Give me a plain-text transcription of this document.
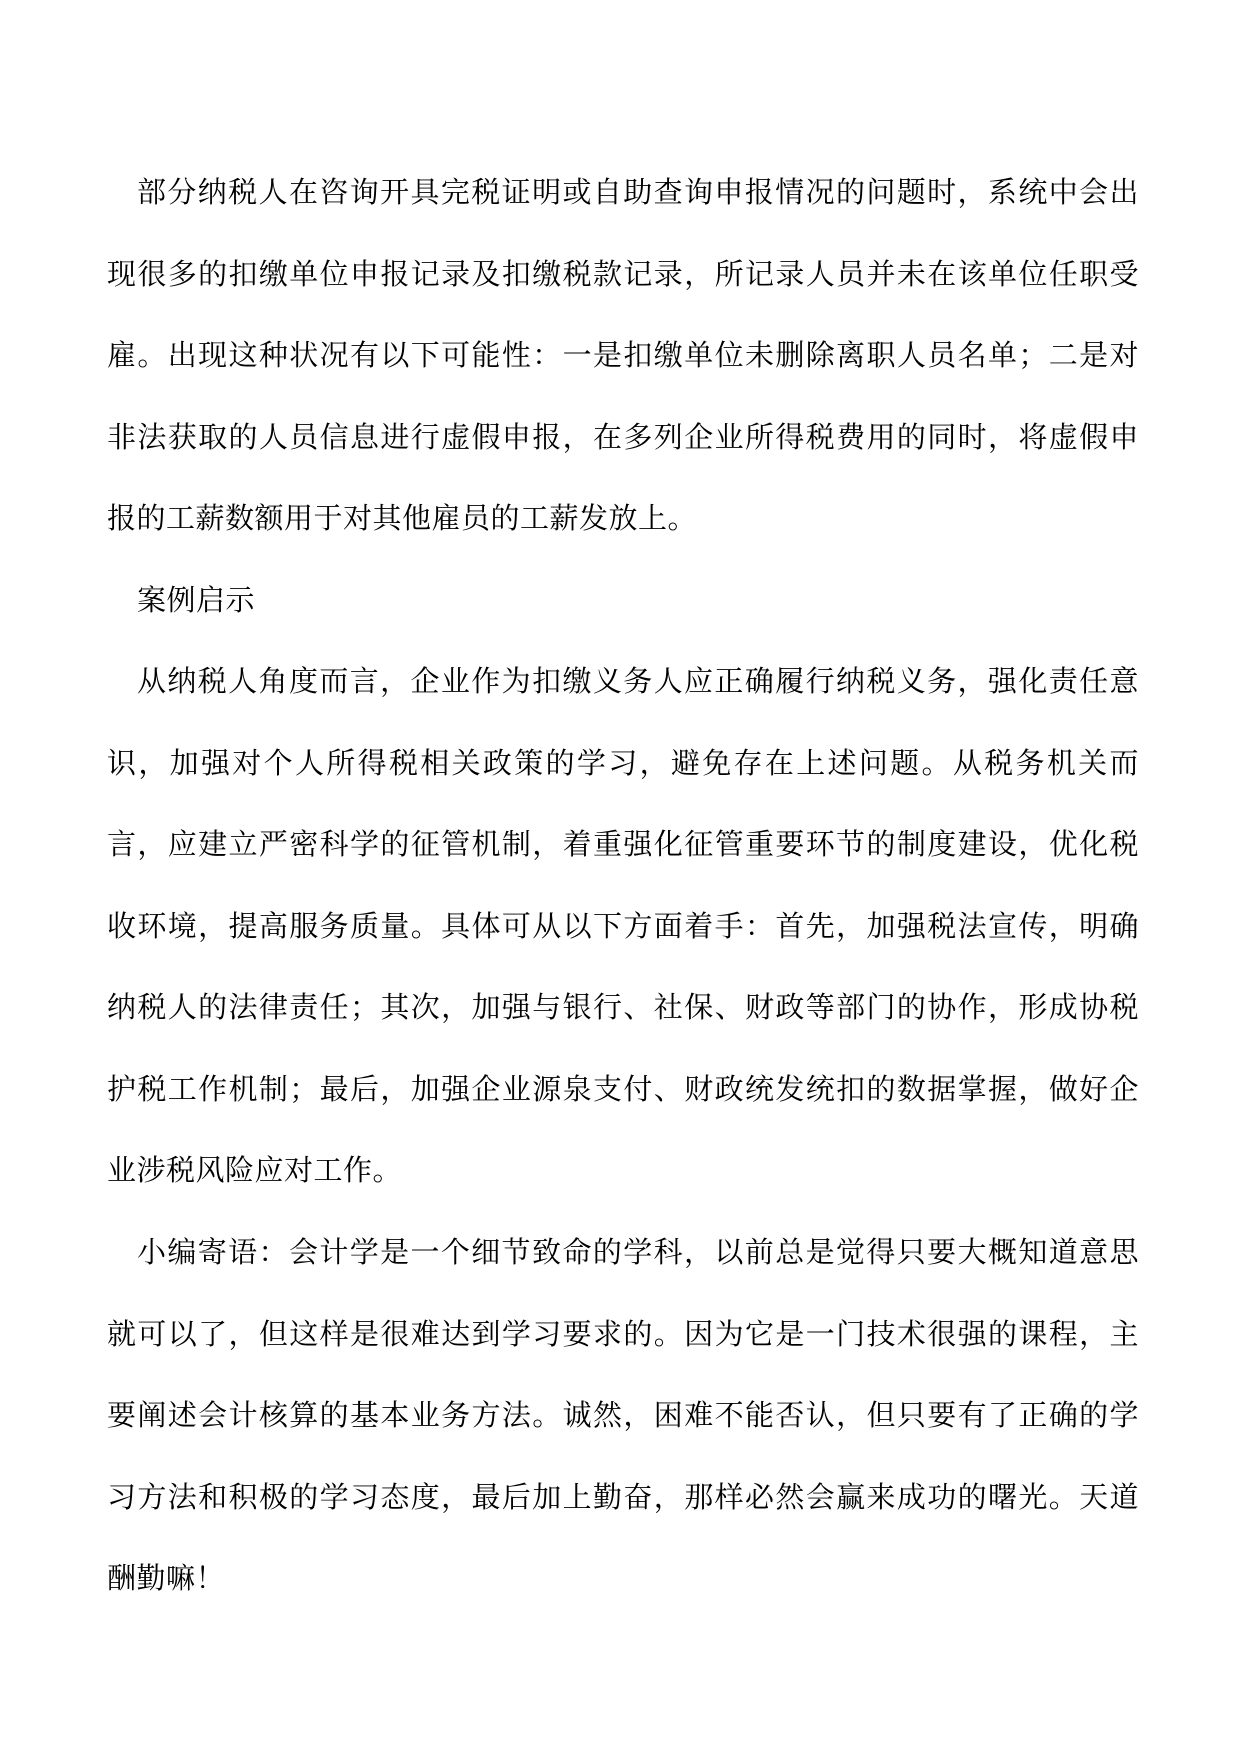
部分纳税人在咨询开具完税证明或自助查询申报情况的问题时，系统中会出现很多的扣缴单位申报记录及扣缴税款记录，所记录人员并未在该单位任职受雇。出现这种状况有以下可能性：一是扣缴单位未删除离职人员名单；二是对非法获取的人员信息进行虚假申报，在多列企业所得税费用的同时，将虚假申报的工薪数额用于对其他雇员的工薪发放上。

案例启示

从纳税人角度而言，企业作为扣缴义务人应正确履行纳税义务，强化责任意识，加强对个人所得税相关政策的学习，避免存在上述问题。从税务机关而言，应建立严密科学的征管机制，着重强化征管重要环节的制度建设，优化税收环境，提高服务质量。具体可从以下方面着手：首先，加强税法宣传，明确纳税人的法律责任；其次，加强与银行、社保、财政等部门的协作，形成协税护税工作机制；最后，加强企业源泉支付、财政统发统扣的数据掌握，做好企业涉税风险应对工作。

小编寄语：会计学是一个细节致命的学科，以前总是觉得只要大概知道意思就可以了，但这样是很难达到学习要求的。因为它是一门技术很强的课程，主要阐述会计核算的基本业务方法。诚然，困难不能否认，但只要有了正确的学习方法和积极的学习态度，最后加上勤奋，那样必然会赢来成功的曙光。天道酬勤嘛！
